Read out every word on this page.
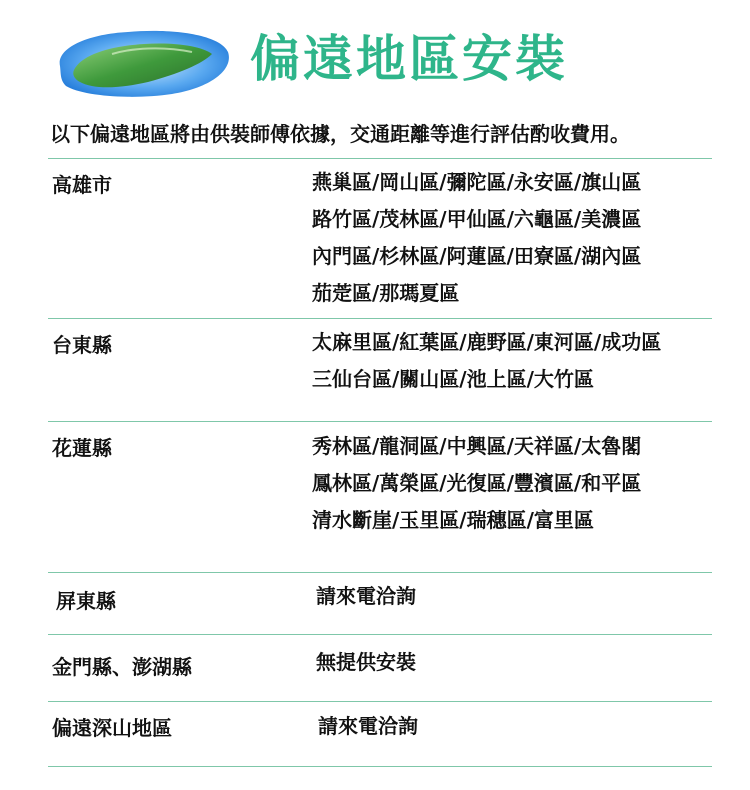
偏遠地區安裝
以下偏遠地區將由供裝師傅依據，交通距離等進行評估酌收費用。
高雄市	燕巢區/岡山區/彌陀區/永安區/旗山區
路竹區/茂林區/甲仙區/六龜區/美濃區
內門區/杉林區/阿蓮區/田寮區/湖內區
茄萣區/那瑪夏區
台東縣	太麻里區/紅葉區/鹿野區/東河區/成功區
三仙台區/關山區/池上區/大竹區
花蓮縣	秀林區/龍洞區/中興區/天祥區/太魯閣
鳳林區/萬榮區/光復區/豐濱區/和平區
清水斷崖/玉里區/瑞穗區/富里區
屏東縣	請來電洽詢
金門縣、澎湖縣	無提供安裝
偏遠深山地區	請來電洽詢
